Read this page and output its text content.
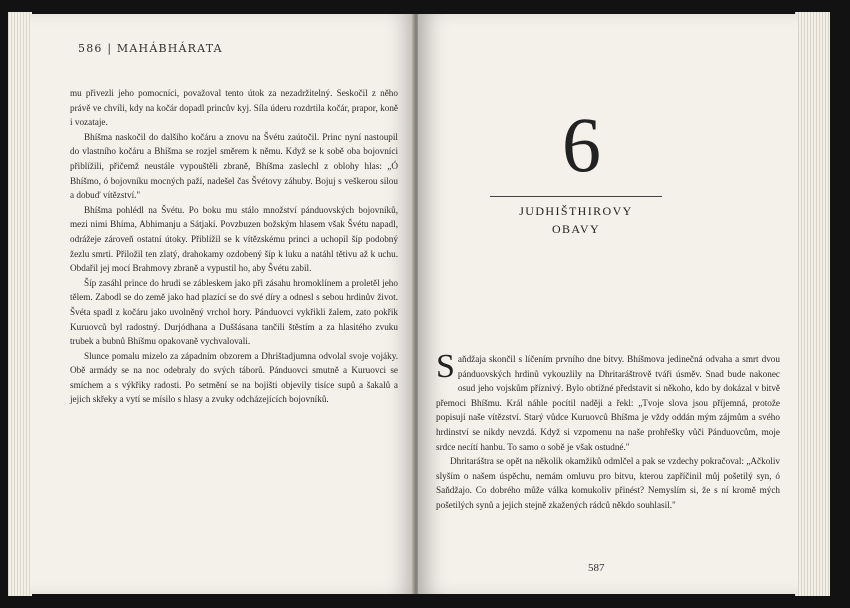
586 | MAHÁBHÁRATA

mu přivezli jeho pomocníci, považoval tento útok za nezadržitelný. Seskočil z něho právě ve chvíli, kdy na kočár dopadl princův kyj. Síla úderu rozdrtila kočár, prapor, koně i vozataje.

Bhíšma naskočil do dalšího kočáru a znovu na Švétu zaútočil. Princ nyní nastoupil do vlastního kočáru a Bhíšma se rozjel směrem k němu. Když se k sobě oba bojovníci přiblížili, přičemž neustále vypouštěli zbraně, Bhíšma zaslechl z oblohy hlas: „Ó Bhíšmo, ó bojovníku mocných paží, nadešel čas Švétovy záhuby. Bojuj s veškerou silou a dobuď vítězství."

Bhíšma pohlédl na Švétu. Po boku mu stálo množství pánduovských bojovníků, mezi nimi Bhíma, Abhimanju a Sátjakí. Povzbuzen božským hlasem však Švétu napadl, odrážeje zároveň ostatní útoky. Přiblížil se k vítězskému princi a uchopil šíp podobný žezlu smrti. Přiložil ten zlatý, drahokamy ozdobený šíp k luku a natáhl tětivu až k uchu. Obdařil jej mocí Brahmovy zbraně a vypustil ho, aby Švétu zabil.

Šíp zasáhl prince do hrudi se zábleskem jako při zásahu hromoklínem a proletěl jeho tělem. Zabodl se do země jako had plazící se do své díry a odnesl s sebou hrdinův život. Švéta spadl z kočáru jako uvolněný vrchol hory. Pánduovci vykřikli žalem, zato pokřik Kuruovců byl radostný. Durjódhana a Duššásana tančili štěstím a za hlasitého zvuku trubek a bubnů Bhíšmu opakovaně vychvalovali.

Slunce pomalu mizelo za západním obzorem a Dhrištadjumna odvolal svoje vojáky. Obě armády se na noc odebraly do svých táborů. Pánduovci smutně a Kuruovci se smíchem a s výkřiky radosti. Po setmění se na bojišti objevily tisíce supů a šakalů a jejich skřeky a vytí se mísilo s hlasy a zvuky odcházejících bojovníků.

6
JUDHIŠTHIROVY
OBAVY

Saňdžaja skončil s líčením prvního dne bitvy. Bhíšmova jedinečná odvaha a smrt dvou pánduovských hrdinů vykouzlily na Dhritaráštrově tváři úsměv. Snad bude nakonec osud jeho vojskům příznivý. Bylo obtížné představit si někoho, kdo by dokázal v bitvě přemoci Bhíšmu. Král náhle pocítil naději a řekl: „Tvoje slova jsou příjemná, protože popisují naše vítězství. Starý vůdce Kuruovců Bhíšma je vždy oddán mým zájmům a svého hrdinství se nikdy nevzdá. Když si vzpomenu na naše prohřešky vůči Pánduovcům, moje srdce necítí hanbu. To samo o sobě je však ostudné."

Dhritaráštra se opět na několik okamžiků odmlčel a pak se vzdechy pokračoval: „Ačkoliv slyším o našem úspěchu, nemám omluvu pro bitvu, kterou zapříčinil můj pošetilý syn, ó Saňdžajo. Co dobrého může válka komukoliv přinést? Nemyslím si, že s ní kromě mých pošetilých synů a jejich stejně zkažených rádců někdo souhlasil."

587
